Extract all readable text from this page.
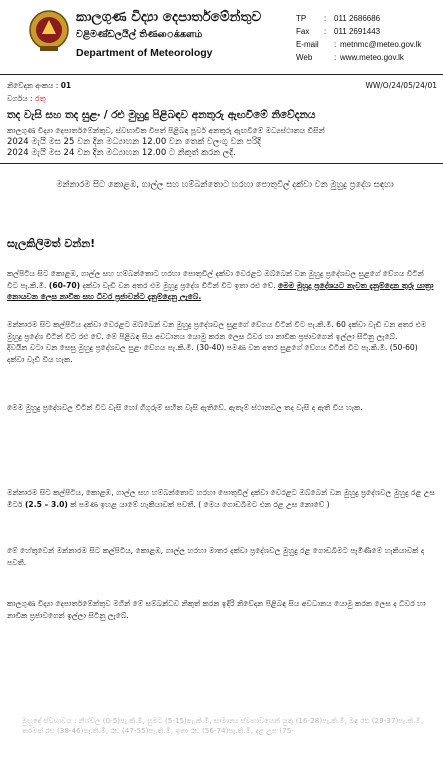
කාලගුණ විද්‍යා දෙපාර්තමේන්තුව
වළිමණ්ඩලයිල් තිණைக்களம்
Department of Meteorology
TP	: 011 2686686
Fax	: 011 2691443
E-mail	: metnmc@meteo.gov.lk
Web	: www.meteo.gov.lk
නිවේදන අංකය : 01	WW/O/24/05/24/01
වර්ගය : රතු
තද වැසි සහ තද සුළං / රළු මුහුදු පිළිබඳව අනතුරු ඇඟවීමේ නිවේදනය
කාලගුණ විද්‍යා දෙපාර්තමේන්තුව, ස්වභාවික විපත් පිළිබඳ පූර්ව අනතුරු ඇඟවීමේ මධ්‍යස්ථානය විසින්
2024 මැයි මස 25 වන දින මධ්‍යාහන 12.00 වන තෙක් වලංගු වන පරිදි
2024 මැයි මස 24 වන දින මධ්‍යාහන 12.00 ට නිකුත් කරන ලදි.
මන්නාරම සිට කොළඹ, ගාල්ල සහ හම්බන්තොට හරහා පොතුවිල් දක්වා වන මුහුදු ප්‍රදේශ සඳහා
සැලකිලිමත් වන්න!
කල්පිටිය සිට කොළඹ, ගාල්ල සහ හම්බන්තොට හරහා පොතුවිල් දක්වා වෙරළට ඔබ්බෙන් වන මුහුදු ප්‍රදේශවල සුළගේ වේගය විටින් විට පැ.කි.මී. (60-70) දක්වා වැඩි වන අතර එම මුහුදු ප්‍රදේශ විටින් විට ඉතා රළු වේ. මෙම මුහුදු ප්‍රදේශයට නැවත දැනුම්දෙන තුරු යාත්‍රා නොයවන ලෙස නාවික සහ ධීවර ප්‍රජාවන්ට දැනුම්දෙනු ලැබේ.
මන්නාරම සිට කල්පිටිය දක්වා වෙරළට ඔබ්බෙන් වන මුහුදු ප්‍රදේශවල සුළගේ වේගය විටින් විට පැ.කි.මී. 60 දක්වා වැඩි වන අතර එම මුහුදු ප්‍රදේශ විටින් විට රළු වේ. මේ පිළිබඳ සිය අවධානය යොමු කරන ලෙස ධීවර හා නාවික ප්‍රජාවගෙන් ඉල්ලා සිටිනු ලැබේ.
දිවයින වටා වන සෙසු මුහුදු ප්‍රදේශවල සුළං වේගය පැ.කි.මී. (30-40) පමණ වන අතර සුළගේ වේගය විටින් විට පැ.කි.මී. (50-60) දක්වා වැඩි විය හැක.
මෙම මුහුදු ප්‍රදේශවල විටින් විට වැසි හෝ ගිගුරුම් සහිත වැසි ඇතිවේ. ඇතැම් ස්ථානවල තද වැසි ද ඇති විය හැක.
මන්නාරම සිට කල්පිටිය, කොළඹ, ගාල්ල සහ හම්බන්තොට හරහා පොතුවිල් දක්වා වෙරළට ඔබ්බෙන් වන මුහුදු ප්‍රදේශවල මුහුදු රළ උස මීටර් (2.5 – 3.0) ක් පමණ ඉහළ යාමේ හැකියාවක් පවතී. ( මෙය ගොඩබිමට එන රළ උස නොවේ )
මේ හේතුවෙන් මන්නාරම සිට කල්පිටිය, කොළඹ, ගාල්ල හරහා මාතර දක්වා ප්‍රදේශවල මුහුදු රළ ගොඩබිමට පැමිණීමේ හැකියාවක් ද පවතී.
කාලගුණ විද්‍යා දෙපාර්තමේන්තුව මගින් මේ සම්බන්ධව නිකුත් කරන ඉදිරි නිවේදන පිළිබඳ සිය අවධානය යොමු කරන ලෙස ද ධීවර හා නාවික ප්‍රජාවගෙන් ඉල්ලා සිටිනු ලැබේ.
මුහුදේ ස්වභාවය : නිශ්චල (0-5)පැ.කි.මී, සුමට (5-15)පැ.කි.මී, සාමාන්‍ය ස්වභාවයෙන් යුතු (16-28)පැ.කි.මී, මඳ රළු (29-37)පැ.කි.මී, තරමක් රළු (38-46)පැ.කි.මී, රළු (47-55)පැ.කි.මී, ඉතා රළු (56-74)පැ.කි.මී, දළ උස (75-
